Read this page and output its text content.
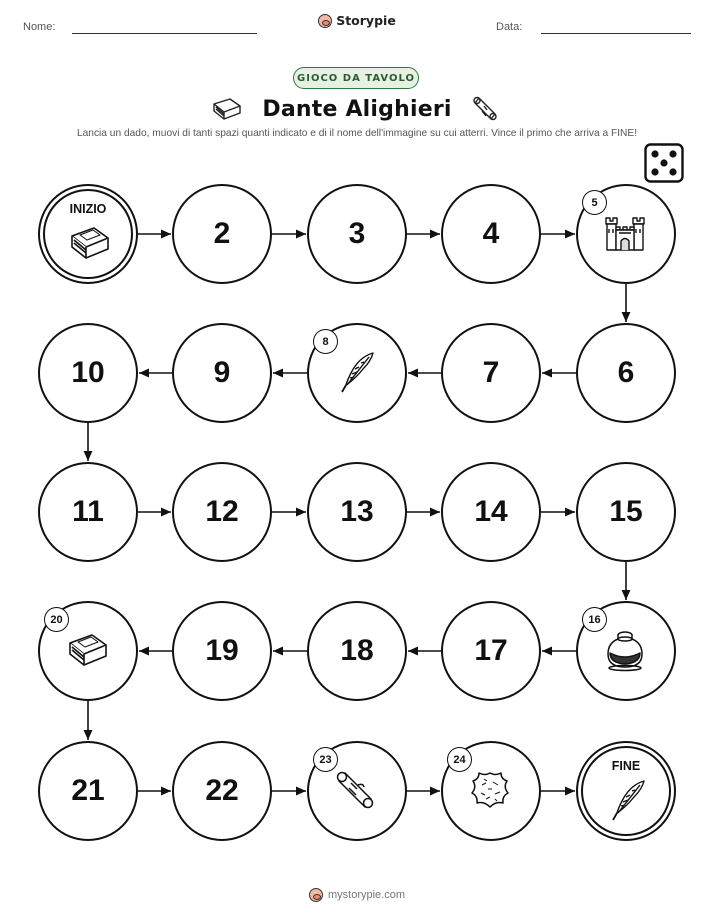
Nome:	Storypie	Data:
GIOCO DA TAVOLO
Dante Alighieri
Lancia un dado, muovi di tanti spazi quanti indicato e di il nome dell'immagine su cui atterri. Vince il primo che arriva a FINE!
INIZIO
2	3	4
5
6
7
8
9
10
11	12	13	14	15
16
17
18
19
20
21	22
23	24	FINE
mystorypie.com
